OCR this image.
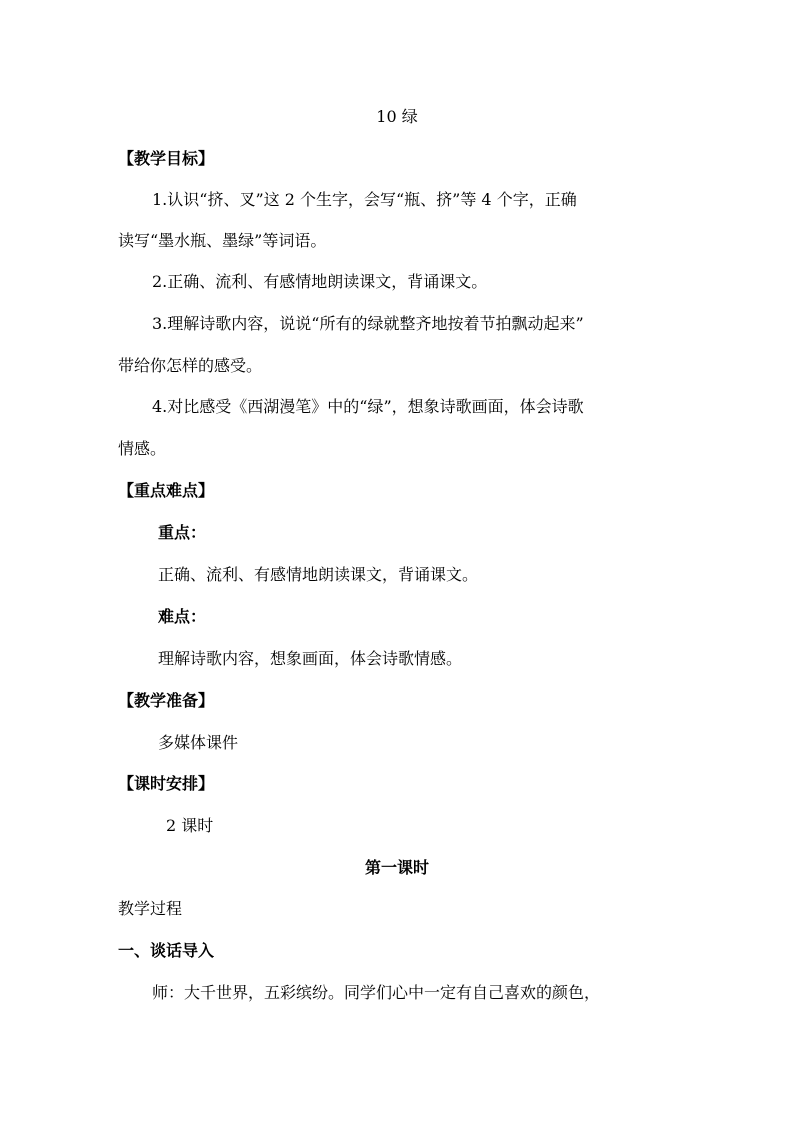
10 绿
【教学目标】
1.认识“挤、叉”这 2 个生字，会写“瓶、挤”等 4 个字，正确
读写“墨水瓶、墨绿”等词语。
2.正确、流利、有感情地朗读课文，背诵课文。
3.理解诗歌内容，说说“所有的绿就整齐地按着节拍飘动起来”
带给你怎样的感受。
4.对比感受《西湖漫笔》中的“绿”，想象诗歌画面，体会诗歌
情感。
【重点难点】
重点：
正确、流利、有感情地朗读课文，背诵课文。
难点：
理解诗歌内容，想象画面，体会诗歌情感。
【教学准备】
多媒体课件
【课时安排】
2 课时
第一课时
教学过程
一、谈话导入
师：大千世界，五彩缤纷。同学们心中一定有自己喜欢的颜色，
